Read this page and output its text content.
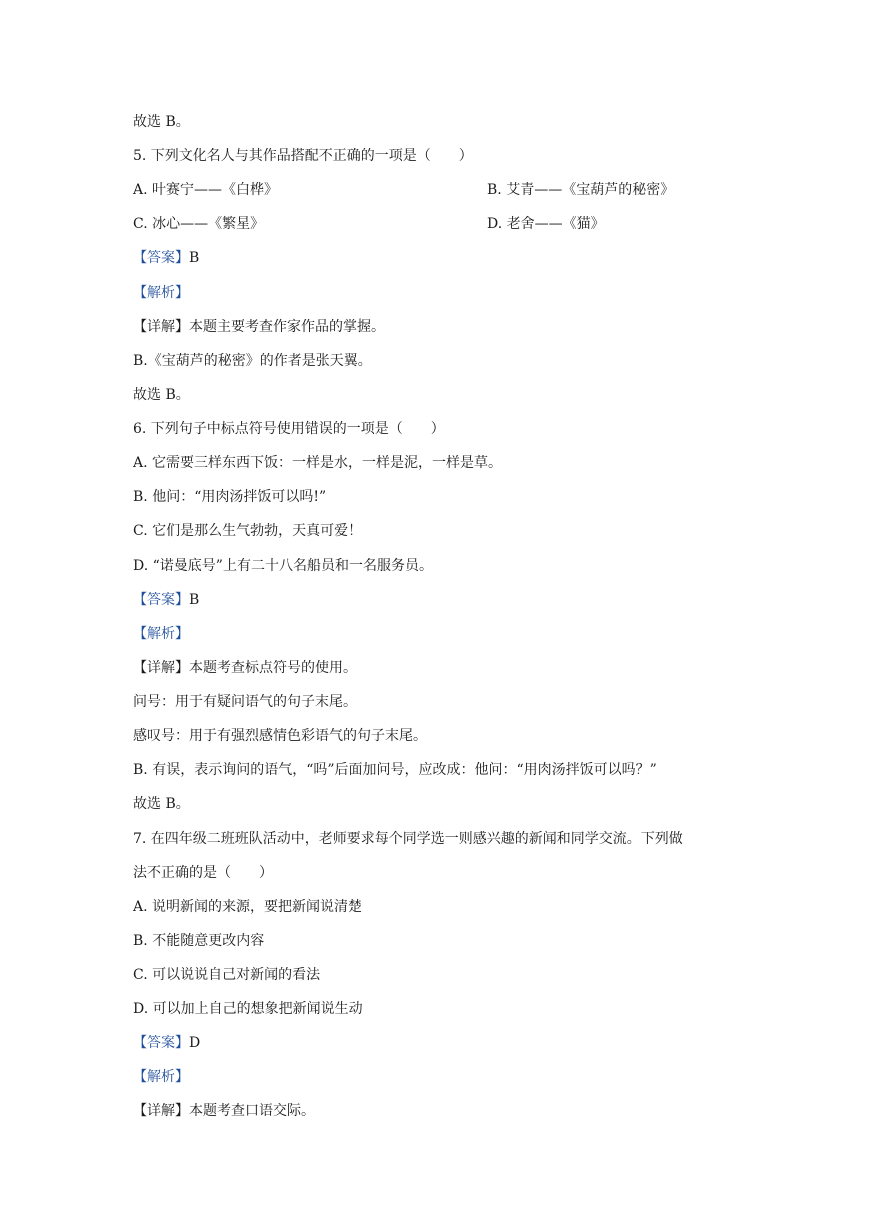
故选 B。
5. 下列文化名人与其作品搭配不正确的一项是（　　）
A. 叶赛宁——《白桦》	B. 艾青——《宝葫芦的秘密》
C. 冰心——《繁星》	D. 老舍——《猫》
【答案】B
【解析】
【详解】本题主要考查作家作品的掌握。
B.《宝葫芦的秘密》的作者是张天翼。
故选 B。
6. 下列句子中标点符号使用错误的一项是（　　）
A. 它需要三样东西下饭：一样是水，一样是泥，一样是草。
B. 他问：“用肉汤拌饭可以吗!”
C. 它们是那么生气勃勃，天真可爱！
D. “诺曼底号”上有二十八名船员和一名服务员。
【答案】B
【解析】
【详解】本题考查标点符号的使用。
问号：用于有疑问语气的句子末尾。
感叹号：用于有强烈感情色彩语气的句子末尾。
B. 有误，表示询问的语气，“吗”后面加问号，应改成：他问：“用肉汤拌饭可以吗？”
故选 B。
7. 在四年级二班班队活动中，老师要求每个同学选一则感兴趣的新闻和同学交流。下列做
法不正确的是（　　）
A. 说明新闻的来源，要把新闻说清楚
B. 不能随意更改内容
C. 可以说说自己对新闻的看法
D. 可以加上自己的想象把新闻说生动
【答案】D
【解析】
【详解】本题考查口语交际。
